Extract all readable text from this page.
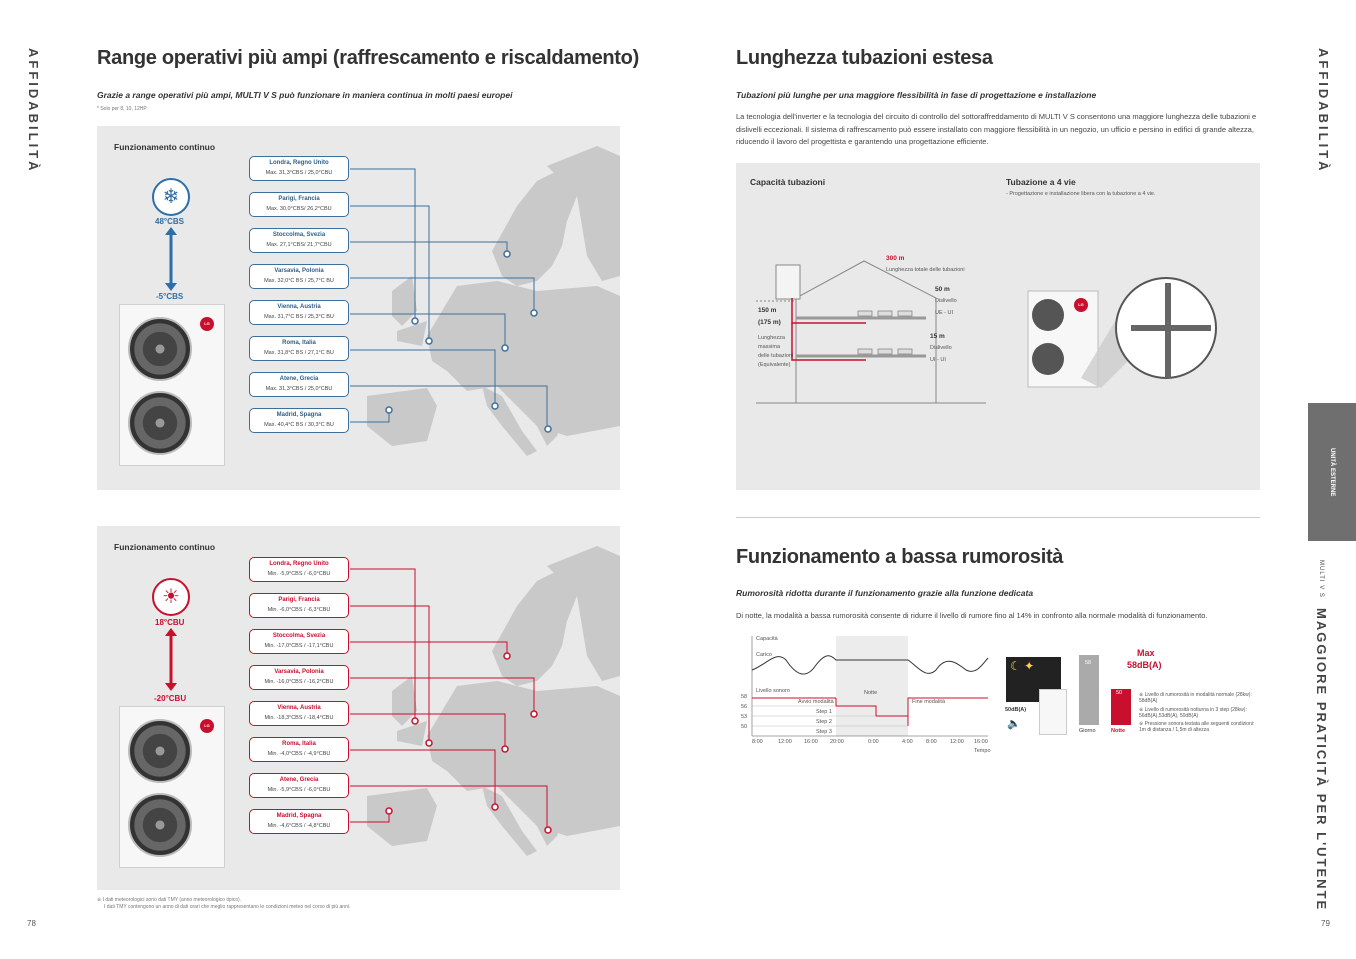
AFFIDABILITÀ	AFFIDABILITÀ
UNITÀ ESTERNE
MULTI V S
MAGGIORE PRATICITÀ PER L'UTENTE
78	79
Range operativi più ampi (raffrescamento e riscaldamento)
Grazie a range operativi più ampi, MULTI V S può funzionare in maniera continua in molti paesi europei
* Solo per 8, 10, 12HP
Funzionamento continuo
❄
48°CBS
-5°CBS
LG
Londra, Regno Unito
Max. 31,3°CBS / 25,0°CBU
Parigi, Francia
Max. 30,0°CBS/ 26,2°CBU
Stoccolma, Svezia
Max. 27,1°CBS/ 21,7°CBU
Varsavia, Polonia
Max. 32,0°C BS / 25,7°C BU
Vienna, Austria
Max. 31,7°C BS / 25,3°C BU
Roma, Italia
Max. 31,8°C BS / 27,1°C BU
Atene, Grecia
Max. 31,3°CBS / 25,0°CBU
Madrid, Spagna
Max. 40,4°C BS / 30,3°C BU
Funzionamento continuo
☀
18°CBU
-20°CBU
LG
Londra, Regno Unito
Min. -5,9°CBS / -6,0°CBU
Parigi, Francia
Min. -6,0°CBS / -6,3°CBU
Stoccolma, Svezia
Min. -17,0°CBS / -17,1°CBU
Varsavia, Polonia
Min. -16,0°CBS / -16,2°CBU
Vienna, Austria
Min. -18,3°CBS / -18,4°CBU
Roma, Italia
Min. -4,0°CBS / -4,9°CBU
Atene, Grecia
Min. -5,9°CBS / -6,0°CBU
Madrid, Spagna
Min. -4,6°CBS / -4,8°CBU
※ I dati meteorologici sono dati TMY (anno meteorologico tipico).
I dati TMY contengono un anno di dati orari che meglio rappresentano le condizioni meteo nel corso di più anni.
Lunghezza tubazioni estesa
Tubazioni più lunghe per una maggiore flessibilità in fase di progettazione e installazione
La tecnologia dell'inverter e la tecnologia del circuito di controllo del sottoraffreddamento di MULTI V S consentono una maggiore lunghezza delle tubazioni e dislivelli eccezionali. Il sistema di raffrescamento può essere installato con maggiore flessibilità in un negozio, un ufficio e persino in edifici di grande altezza, riducendo il lavoro del progettista e garantendo una progettazione efficiente.
Capacità tubazioni	Tubazione a 4 vie
- Progettazione e installazione libera con la tubazione a 4 vie.
300 m
Lunghezza totale delle tubazioni
150 m
(175 m)
Lunghezza
massima
delle tubazioni
(Equivalente)
50 m
Dislivello
UE - UI
15 m
Dislivello
UI - UI
LG
Funzionamento a bassa rumorosità
Rumorosità ridotta durante il funzionamento grazie alla funzione dedicata
Di notte, la modalità a bassa rumorosità consente di ridurre il livello di rumore fino al 14% in confronto alla normale modalità di funzionamento.
Capacità
Carico
Livello sonoro	Notte
Avvio modalità	Fine modalità
Step 1
Step 2
Step 3
58
56
53
50
8:00	12:00 16:00 20:00	0:00	4:00 8:00 12:00 16:00
Tempo
☾ ✦
50dB(A)
🔈
Max
58dB(A)
58
50
Giorno	Notte
※ Livello di rumorosità in modalità normale (28kw): 58dB(A)
※ Livello di rumorosità notturna in 3 step (28kw): 56dB(A),53dB(A), 50dB(A)
※ Pressione sonora testata alle seguenti condizioni: 1m di distanza / 1,5m di altezza
